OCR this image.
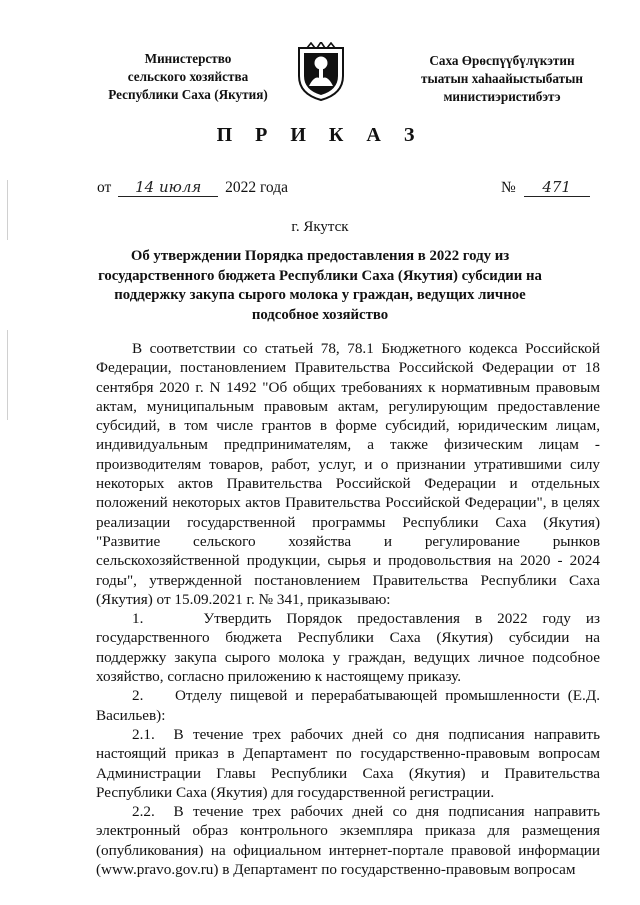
Министерство
сельского хозяйства
Республики Саха (Якутия)
Саха Өрөспүүбүлүкэтин
тыатын хаһаайыстыбатын
министиэристибэтэ
П Р И К А З
от 14 июля 2022 года	№ 471
г. Якутск
Об утверждении Порядка предоставления в 2022 году из государственного бюджета Республики Саха (Якутия) субсидии на поддержку закупа сырого молока у граждан, ведущих личное подсобное хозяйство

В соответствии со статьей 78, 78.1 Бюджетного кодекса Российской Федерации, постановлением Правительства Российской Федерации от 18 сентября 2020 г. N 1492 "Об общих требованиях к нормативным правовым актам, муниципальным правовым актам, регулирующим предоставление субсидий, в том числе грантов в форме субсидий, юридическим лицам, индивидуальным предпринимателям, а также физическим лицам - производителям товаров, работ, услуг, и о признании утратившими силу некоторых актов Правительства Российской Федерации и отдельных положений некоторых актов Правительства Российской Федерации", в целях реализации государственной программы Республики Саха (Якутия) "Развитие сельского хозяйства и регулирование рынков сельскохозяйственной продукции, сырья и продовольствия на 2020 - 2024 годы", утвержденной постановлением Правительства Республики Саха (Якутия) от 15.09.2021 г. № 341, приказываю:

1.    Утвердить Порядок предоставления в 2022 году из государственного бюджета Республики Саха (Якутия) субсидии на поддержку закупа сырого молока у граждан, ведущих личное подсобное хозяйство, согласно приложению к настоящему приказу.

2.    Отделу пищевой и перерабатывающей промышленности (Е.Д. Васильев):

2.1.  В течение трех рабочих дней со дня подписания направить настоящий приказ в Департамент по государственно-правовым вопросам Администрации Главы Республики Саха (Якутия) и Правительства Республики Саха (Якутия) для государственной регистрации.

2.2.  В течение трех рабочих дней со дня подписания направить электронный образ контрольного экземпляра приказа для размещения (опубликования) на официальном интернет-портале правовой информации (www.pravo.gov.ru) в Департамент по государственно-правовым вопросам
